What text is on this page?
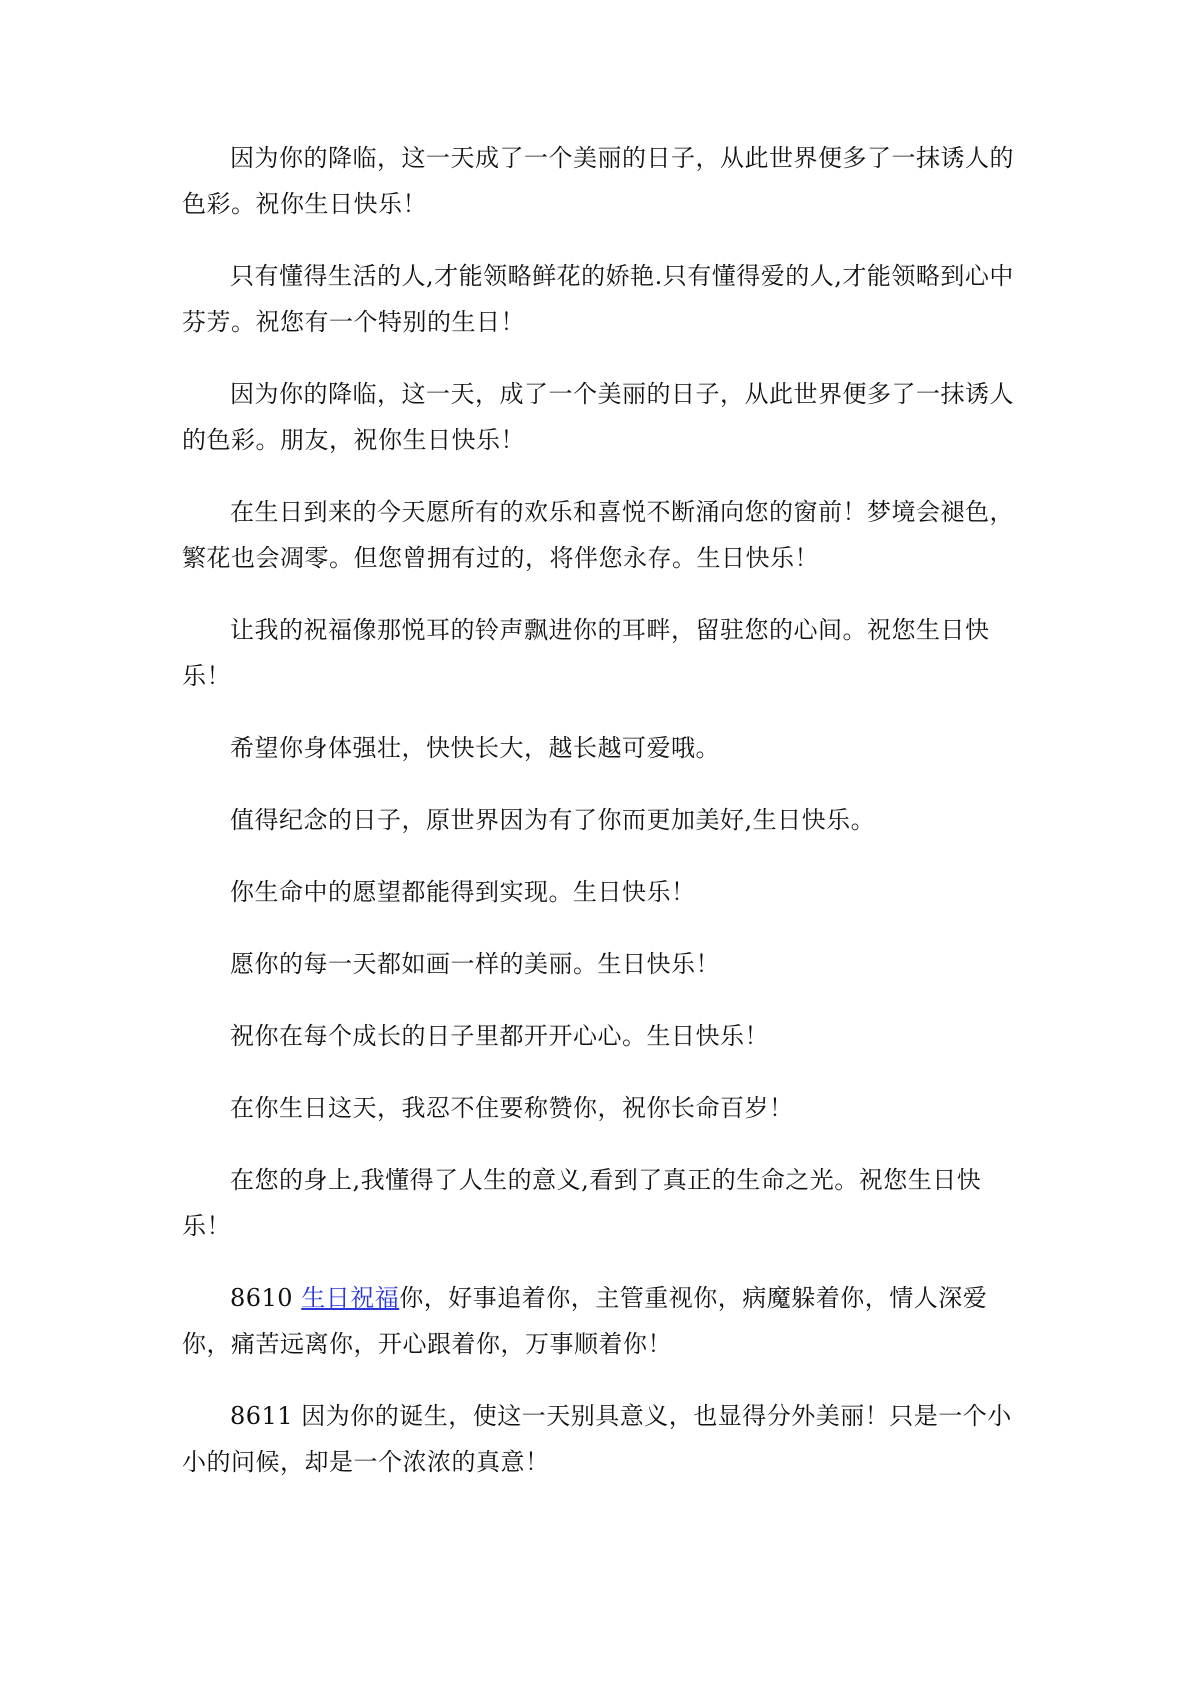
因为你的降临，这一天成了一个美丽的日子，从此世界便多了一抹诱人的色彩。祝你生日快乐！

只有懂得生活的人,才能领略鲜花的娇艳.只有懂得爱的人,才能领略到心中芬芳。祝您有一个特别的生日！

因为你的降临，这一天，成了一个美丽的日子，从此世界便多了一抹诱人的色彩。朋友，祝你生日快乐！

在生日到来的今天愿所有的欢乐和喜悦不断涌向您的窗前！梦境会褪色，繁花也会凋零。但您曾拥有过的，将伴您永存。生日快乐！

让我的祝福像那悦耳的铃声飘进你的耳畔，留驻您的心间。祝您生日快乐！

希望你身体强壮，快快长大，越长越可爱哦。

值得纪念的日子，原世界因为有了你而更加美好,生日快乐。

你生命中的愿望都能得到实现。生日快乐！

愿你的每一天都如画一样的美丽。生日快乐！

祝你在每个成长的日子里都开开心心。生日快乐！

在你生日这天，我忍不住要称赞你，祝你长命百岁！

在您的身上,我懂得了人生的意义,看到了真正的生命之光。祝您生日快乐！

8610 生日祝福你，好事追着你，主管重视你，病魔躲着你，情人深爱你，痛苦远离你，开心跟着你，万事顺着你！

8611 因为你的诞生，使这一天别具意义，也显得分外美丽！只是一个小小的问候，却是一个浓浓的真意！
